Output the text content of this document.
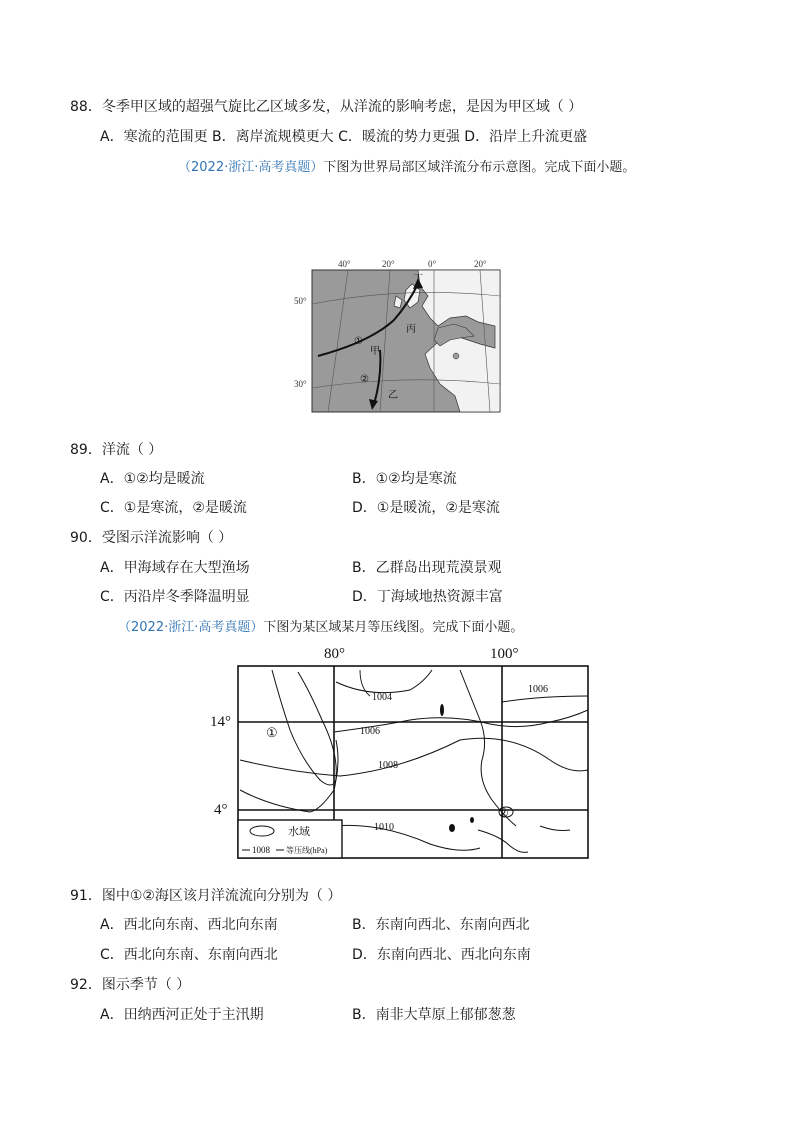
88．冬季甲区域的超强气旋比乙区域多发，从洋流的影响考虑，是因为甲区域（ ）
A．寒流的范围更 B．离岸流规模更大 C．暖流的势力更强 D．沿岸上升流更盛
（2022·浙江·高考真题）下图为世界局部区域洋流分布示意图。完成下面小题。
40°	20°	0°	20°
50°
30°
丁
丙
甲
乙
①
②
89．洋流（ ）
A．①②均是暖流	B．①②均是寒流
C．①是寒流，②是暖流	D．①是暖流，②是寒流
90．受图示洋流影响（ ）
A．甲海域存在大型渔场	B．乙群岛出现荒漠景观
C．丙沿岸冬季降温明显	D．丁海域地热资源丰富
（2022·浙江·高考真题）下图为某区域某月等压线图。完成下面小题。
80°	100°
14°
4°
1004
1006
1008
1010
1006
①
②
水域
1008 等压线(hPa)
91．图中①②海区该月洋流流向分别为（ ）
A．西北向东南、西北向东南	B．东南向西北、东南向西北
C．西北向东南、东南向西北	D．东南向西北、西北向东南
92．图示季节（ ）
A．田纳西河正处于主汛期	B．南非大草原上郁郁葱葱
